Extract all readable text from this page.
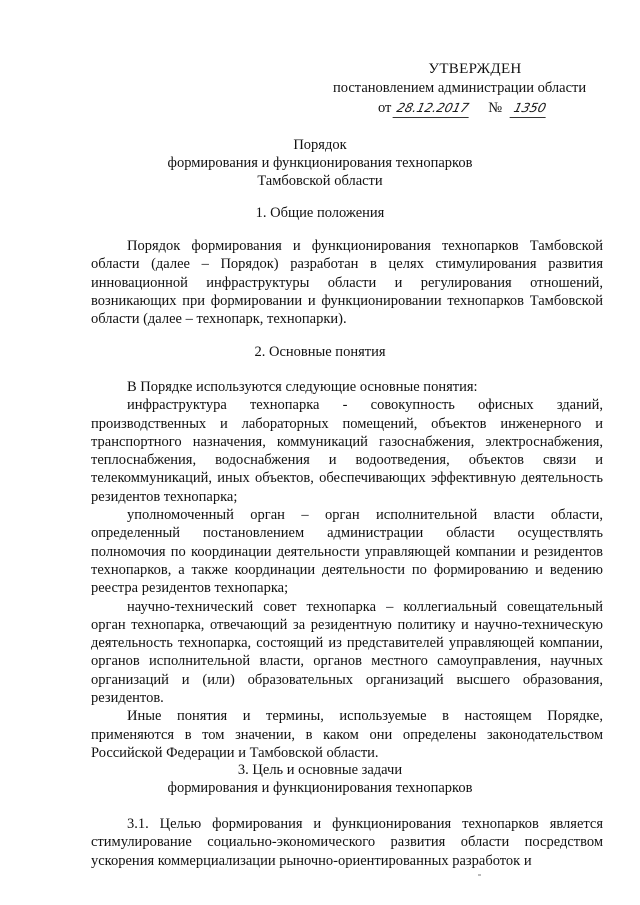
УТВЕРЖДЕН
постановлением администрации области
от 28.12.2017 № 1350
Порядок
формирования и функционирования технопарков
Тамбовской области
1. Общие положения

Порядок формирования и функционирования технопарков Тамбовской области (далее – Порядок) разработан в целях стимулирования развития инновационной инфраструктуры области и регулирования отношений, возникающих при формировании и функционировании технопарков Тамбовской области (далее – технопарк, технопарки).

2. Основные понятия

В Порядке используются следующие основные понятия:

инфраструктура технопарка - совокупность офисных зданий, производственных и лабораторных помещений, объектов инженерного и транспортного назначения, коммуникаций газоснабжения, электроснабжения, теплоснабжения, водоснабжения и водоотведения, объектов связи и телекоммуникаций, иных объектов, обеспечивающих эффективную деятельность резидентов технопарка;

уполномоченный орган – орган исполнительной власти области, определенный постановлением администрации области осуществлять полномочия по координации деятельности управляющей компании и резидентов технопарков, а также координации деятельности по формированию и ведению реестра резидентов технопарка;

научно-технический совет технопарка – коллегиальный совещательный орган технопарка, отвечающий за резидентную политику и научно-техническую деятельность технопарка, состоящий из представителей управляющей компании, органов исполнительной власти, органов местного самоуправления, научных организаций и (или) образовательных организаций высшего образования, резидентов.

Иные понятия и термины, используемые в настоящем Порядке, применяются в том значении, в каком они определены законодательством Российской Федерации и Тамбовской области.

3. Цель и основные задачи
формирования и функционирования технопарков

3.1. Целью формирования и функционирования технопарков является стимулирование социально-экономического развития области посредством ускорения коммерциализации рыночно-ориентированных разработок и
